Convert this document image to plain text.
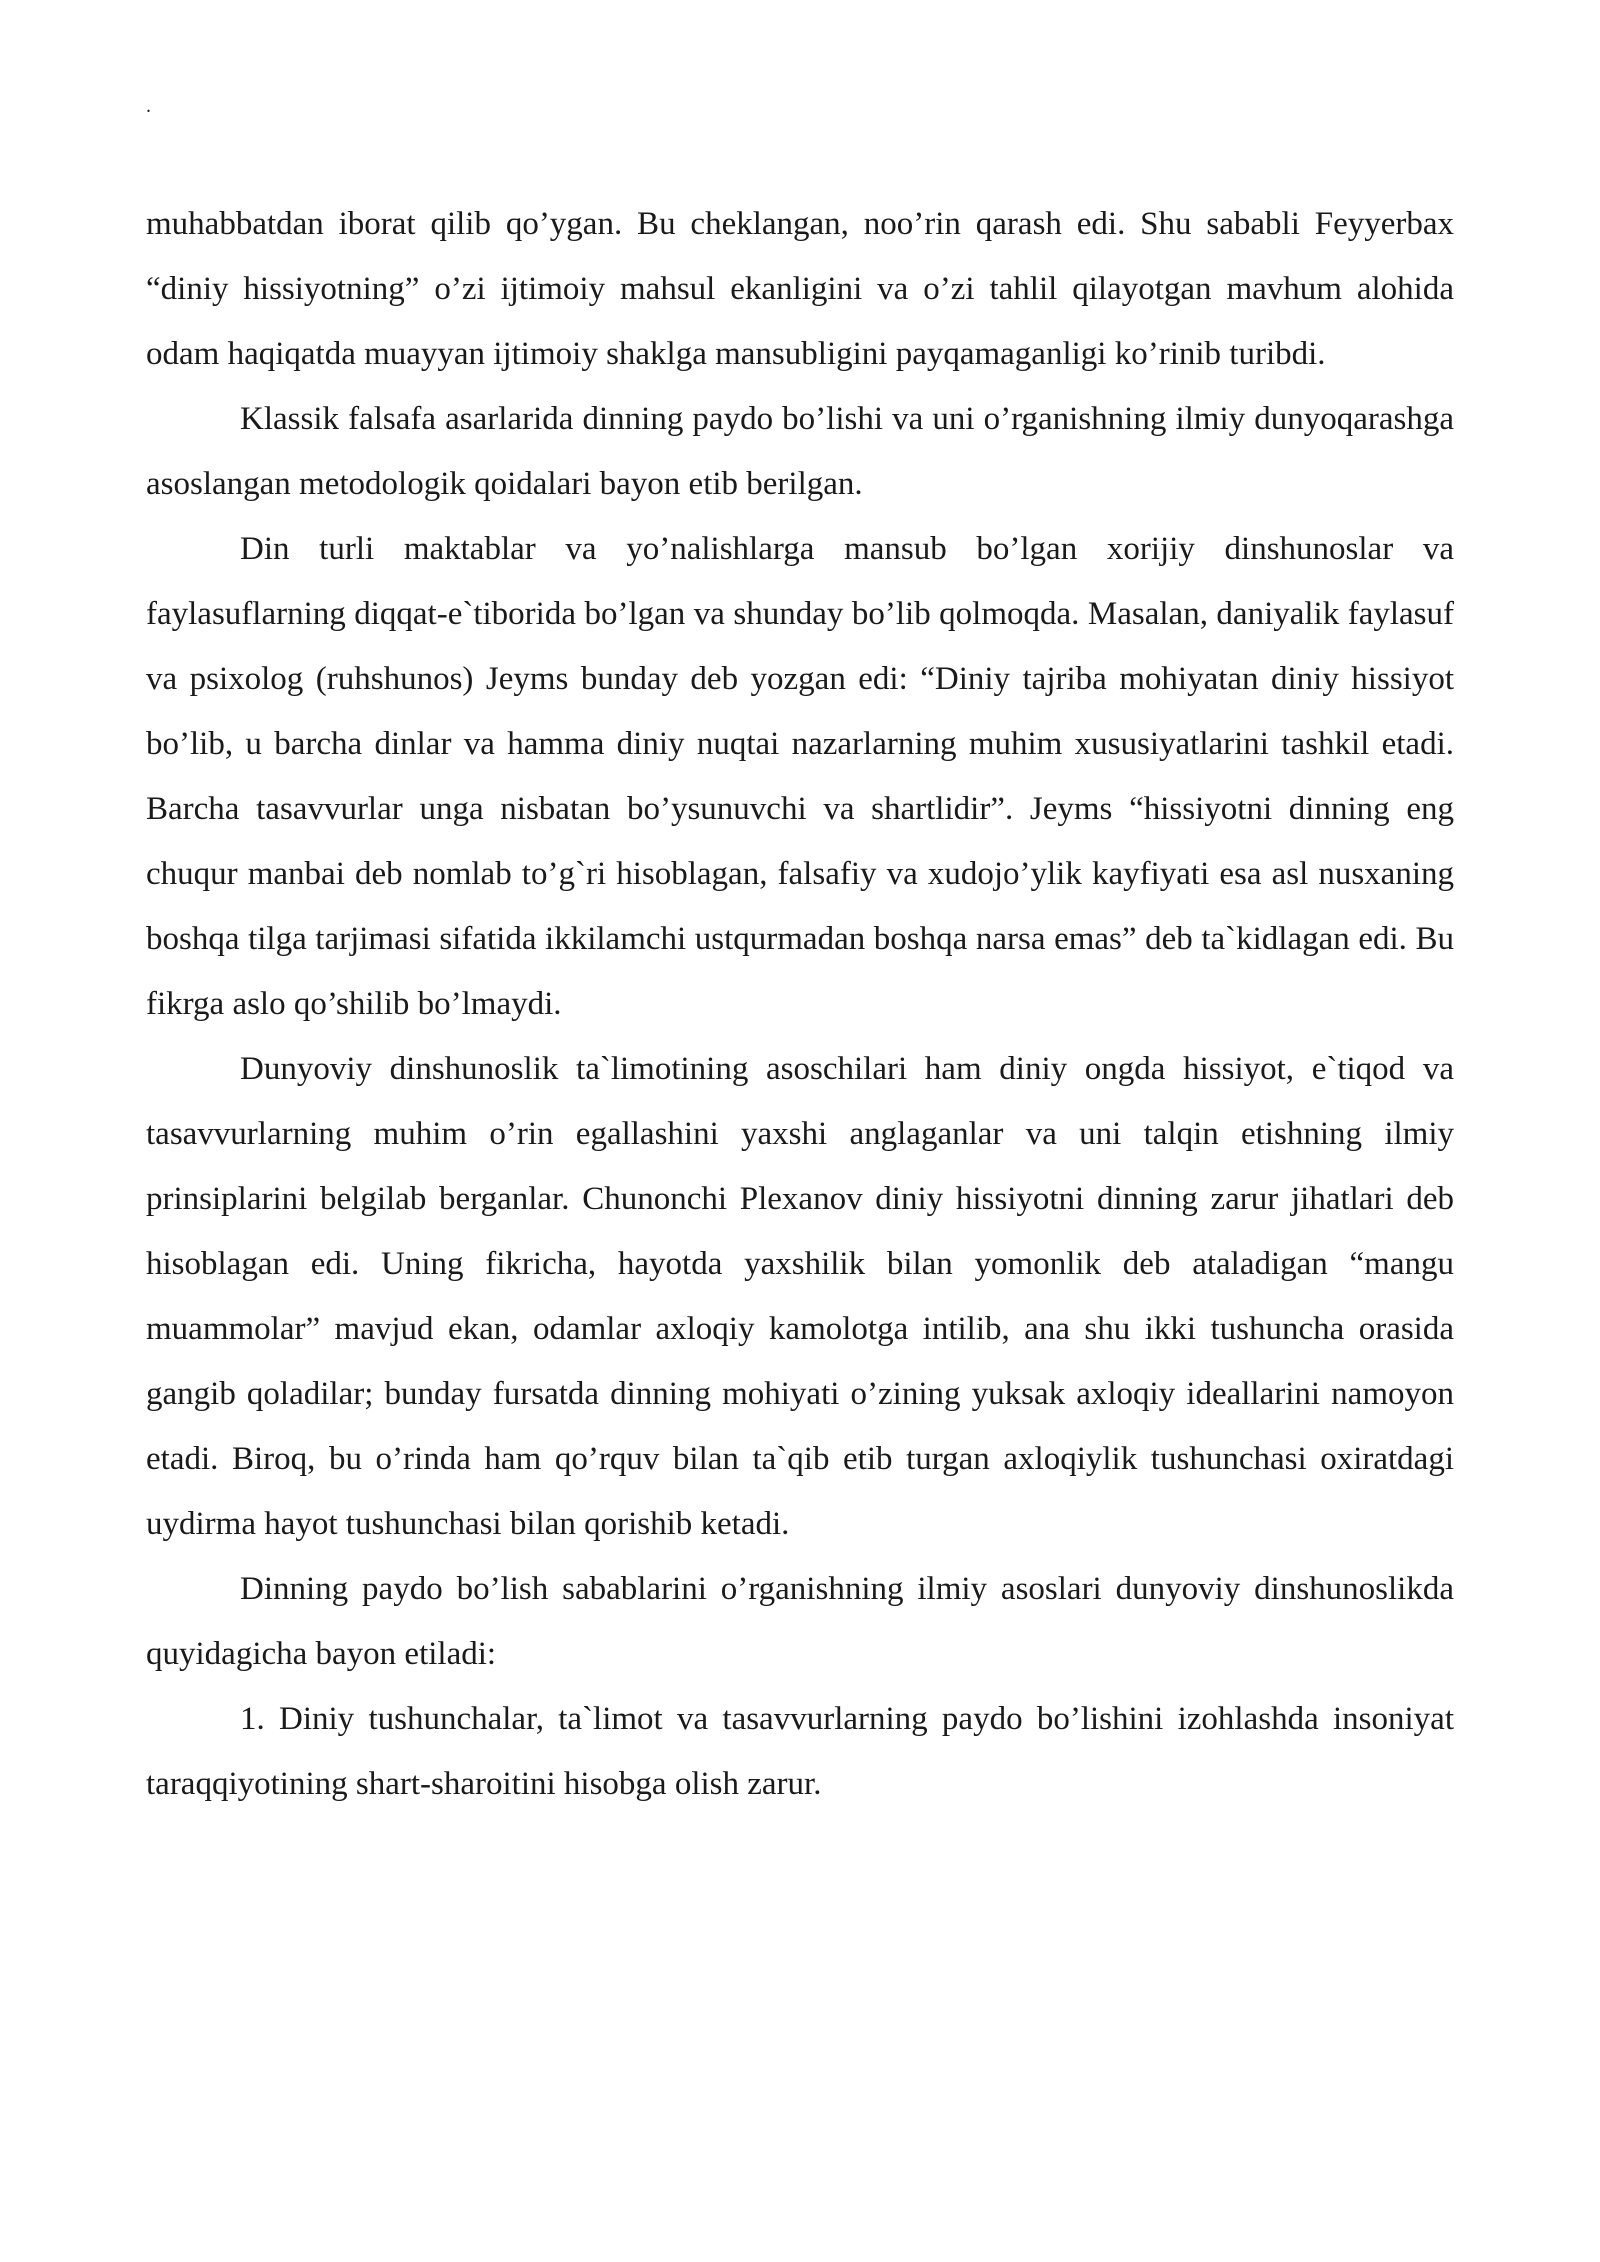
.

muhabbatdan iborat qilib qo’ygan. Bu cheklangan, noo’rin qarash edi. Shu sababli Feyyerbax “diniy hissiyotning” o’zi ijtimoiy mahsul ekanligini va o’zi tahlil qilayotgan mavhum alohida odam haqiqatda muayyan ijtimoiy shaklga mansubligini payqamaganligi ko’rinib turibdi.

Klassik falsafa asarlarida dinning paydo bo’lishi va uni o’rganishning ilmiy dunyoqarashga asoslangan metodologik qoidalari bayon etib berilgan.

Din turli maktablar va yo’nalishlarga mansub bo’lgan xorijiy dinshunoslar va faylasuflarning diqqat-e`tiborida bo’lgan va shunday bo’lib qolmoqda. Masalan, daniyalik faylasuf va psixolog (ruhshunos) Jeyms bunday deb yozgan edi: “Diniy tajriba mohiyatan diniy hissiyot bo’lib, u barcha dinlar va hamma diniy nuqtai nazarlarning muhim xususiyatlarini tashkil etadi. Barcha tasavvurlar unga nisbatan bo’ysunuvchi va shartlidir”. Jeyms “hissiyotni dinning eng chuqur manbai deb nomlab to’g`ri hisoblagan, falsafiy va xudojo’ylik kayfiyati esa asl nusxaning boshqa tilga tarjimasi sifatida ikkilamchi ustqurmadan boshqa narsa emas” deb ta`kidlagan edi. Bu fikrga aslo qo’shilib bo’lmaydi.

Dunyoviy dinshunoslik ta`limotining asoschilari ham diniy ongda hissiyot, e`tiqod va tasavvurlarning muhim o’rin egallashini yaxshi anglaganlar va uni talqin etishning ilmiy prinsiplarini belgilab berganlar. Chunonchi Plexanov diniy hissiyotni dinning zarur jihatlari deb hisoblagan edi. Uning fikricha, hayotda yaxshilik bilan yomonlik deb ataladigan “mangu muammolar” mavjud ekan, odamlar axloqiy kamolotga intilib, ana shu ikki tushuncha orasida gangib qoladilar; bunday fursatda dinning mohiyati o’zining yuksak axloqiy ideallarini namoyon etadi. Biroq, bu o’rinda ham qo’rquv bilan ta`qib etib turgan axloqiylik tushunchasi oxiratdagi uydirma hayot tushunchasi bilan qorishib ketadi.

Dinning paydo bo’lish sabablarini o’rganishning ilmiy asoslari dunyoviy dinshunoslikda quyidagicha bayon etiladi:

1. Diniy tushunchalar, ta`limot va tasavvurlarning paydo bo’lishini izohlashda insoniyat taraqqiyotining shart-sharoitini hisobga olish zarur.
